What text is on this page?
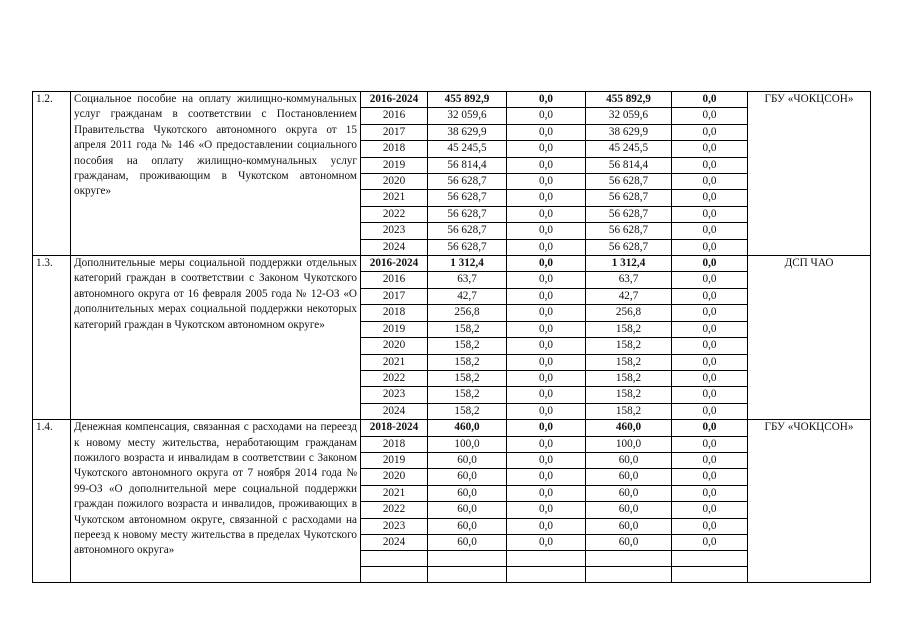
1.2.	Социальное пособие на оплату жилищно-коммунальных услуг гражданам в соответствии с Постановлением Правительства Чукотского автономного округа от 15 апреля 2011 года № 146 «О предоставлении социального пособия на оплату жилищно-коммунальных услуг гражданам, проживающим в Чукотском автономном округе»	2016-2024	455 892,9	0,0	455 892,9	0,0	ГБУ «ЧОКЦСОН»
		2016	32 059,6	0,0	32 059,6	0,0	
		2017	38 629,9	0,0	38 629,9	0,0	
		2018	45 245,5	0,0	45 245,5	0,0	
		2019	56 814,4	0,0	56 814,4	0,0	
		2020	56 628,7	0,0	56 628,7	0,0	
		2021	56 628,7	0,0	56 628,7	0,0	
		2022	56 628,7	0,0	56 628,7	0,0	
		2023	56 628,7	0,0	56 628,7	0,0	
		2024	56 628,7	0,0	56 628,7	0,0	
1.3.	Дополнительные меры социальной поддержки отдельных категорий граждан в соответствии с Законом Чукотского автономного округа от 16 февраля 2005 года № 12-ОЗ «О дополнительных мерах социальной поддержки некоторых категорий граждан в Чукотском автономном округе»	2016-2024	1 312,4	0,0	1 312,4	0,0	ДСП ЧАО
		2016	63,7	0,0	63,7	0,0	
		2017	42,7	0,0	42,7	0,0	
		2018	256,8	0,0	256,8	0,0	
		2019	158,2	0,0	158,2	0,0	
		2020	158,2	0,0	158,2	0,0	
		2021	158,2	0,0	158,2	0,0	
		2022	158,2	0,0	158,2	0,0	
		2023	158,2	0,0	158,2	0,0	
		2024	158,2	0,0	158,2	0,0	
1.4.	Денежная компенсация, связанная с расходами на переезд к новому месту жительства, неработающим гражданам пожилого возраста и инвалидам в соответствии с Законом Чукотского автономного округа от 7 ноября 2014 года № 99-ОЗ «О дополнительной мере социальной поддержки граждан пожилого возраста и инвалидов, проживающих в Чукотском автономном округе, связанной с расходами на переезд к новому месту жительства в пределах Чукотского автономного округа»	2018-2024	460,0	0,0	460,0	0,0	ГБУ «ЧОКЦСОН»
		2018	100,0	0,0	100,0	0,0	
		2019	60,0	0,0	60,0	0,0	
		2020	60,0	0,0	60,0	0,0	
		2021	60,0	0,0	60,0	0,0	
		2022	60,0	0,0	60,0	0,0	
		2023	60,0	0,0	60,0	0,0	
		2024	60,0	0,0	60,0	0,0	
